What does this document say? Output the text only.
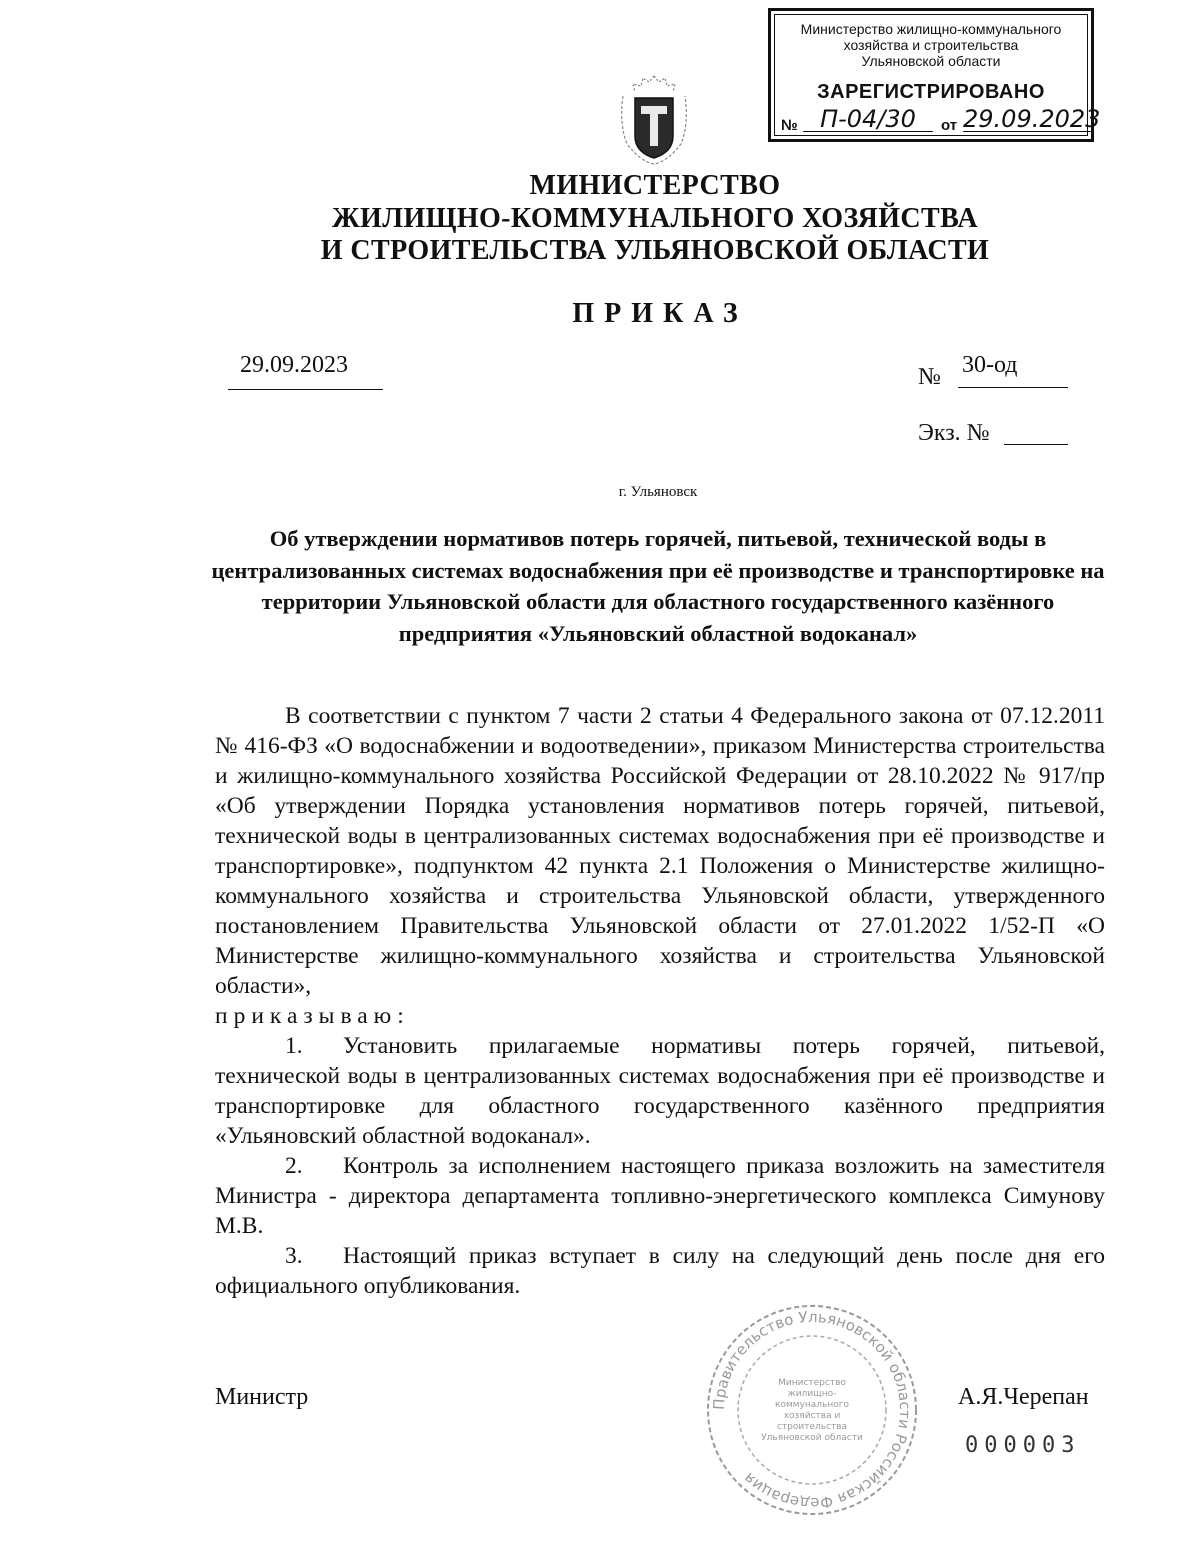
Министерство жилищно-коммунального
хозяйства и строительства
Ульяновской области
ЗАРЕГИСТРИРОВАНО
№ П-04/30	от 29.09.2023
МИНИСТЕРСТВО
ЖИЛИЩНО-КОММУНАЛЬНОГО ХОЗЯЙСТВА
И СТРОИТЕЛЬСТВА УЛЬЯНОВСКОЙ ОБЛАСТИ
ПРИКАЗ
29.09.2023	№ 30-од
Экз. №
г. Ульяновск
Об утверждении нормативов потерь горячей, питьевой, технической воды в централизованных системах водоснабжения при её производстве и транспортировке на территории Ульяновской области для областного государственного казённого предприятия «Ульяновский областной водоканал»

В соответствии с пунктом 7 части 2 статьи 4 Федерального закона от 07.12.2011 № 416-ФЗ «О водоснабжении и водоотведении», приказом Министерства строительства и жилищно-коммунального хозяйства Российской Федерации от 28.10.2022 № 917/пр «Об утверждении Порядка установления нормативов потерь горячей, питьевой, технической воды в централизованных системах водоснабжения при её производстве и транспортировке», подпунктом 42 пункта 2.1 Положения о Министерстве жилищно-коммунального хозяйства и строительства Ульяновской области, утвержденного постановлением Правительства Ульяновской области от 27.01.2022 1/52-П «О Министерстве жилищно-коммунального хозяйства и строительства Ульяновской области»,

приказываю:

1. Установить прилагаемые нормативы потерь горячей, питьевой, технической воды в централизованных системах водоснабжения при её производстве и транспортировке для областного государственного казённого предприятия «Ульяновский областной водоканал».

2. Контроль за исполнением настоящего приказа возложить на заместителя Министра - директора департамента топливно-энергетического комплекса Симунову М.В.

3. Настоящий приказ вступает в силу на следующий день после дня его официального опубликования.

Правительство Ульяновской области Российская Федерация
Министерство жилищно-коммунального хозяйства и строительства Ульяновской области
Министр	А.Я.Черепан
000003
